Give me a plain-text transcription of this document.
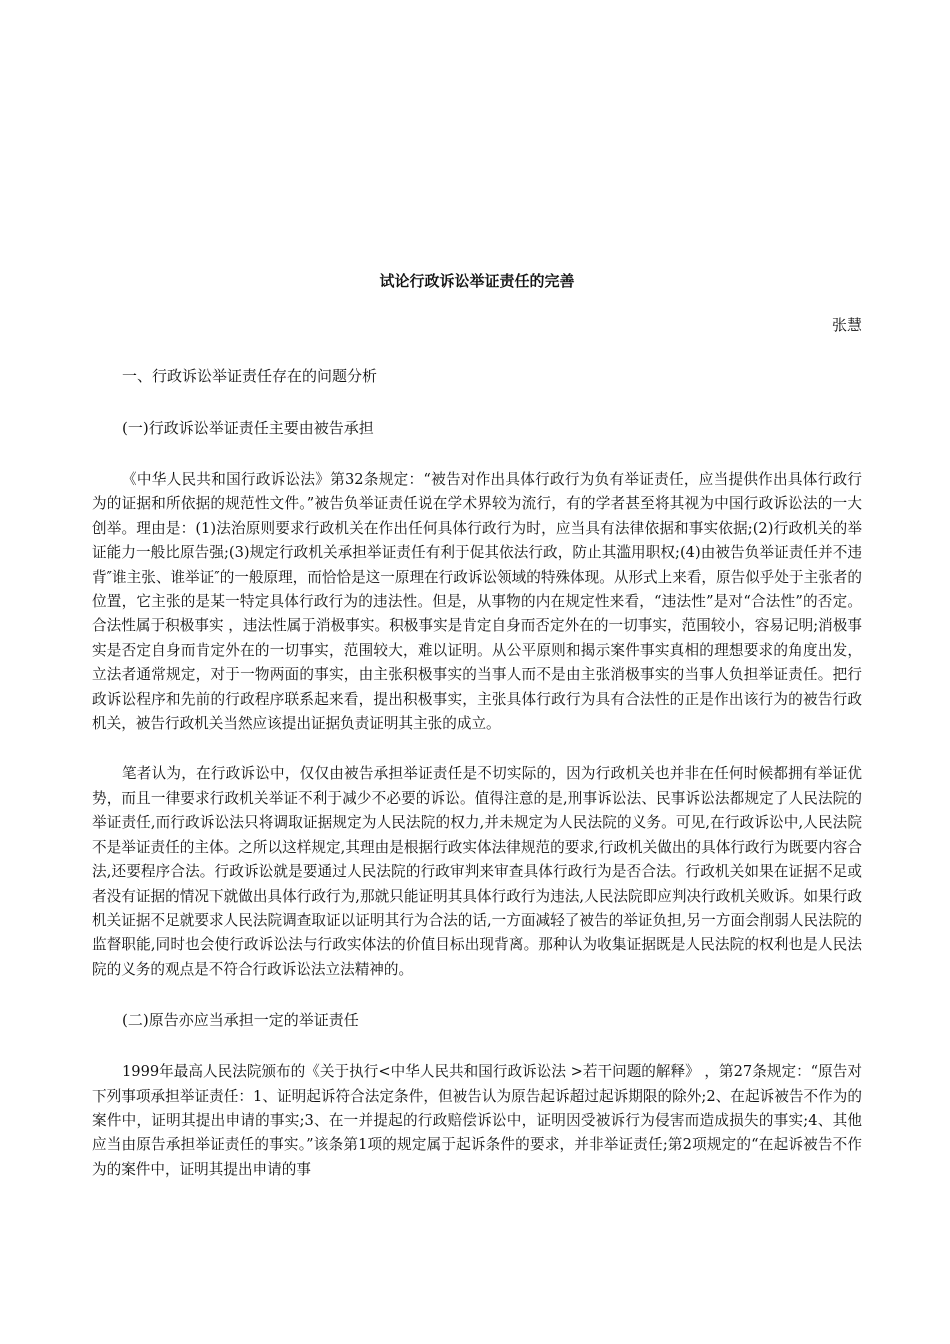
试论行政诉讼举证责任的完善

张慧

一、行政诉讼举证责任存在的问题分析

(一)行政诉讼举证责任主要由被告承担

《中华人民共和国行政诉讼法》第32条规定：“被告对作出具体行政行为负有举证责任，应当提供作出具体行政行为的证据和所依据的规范性文件。”被告负举证责任说在学术界较为流行，有的学者甚至将其视为中国行政诉讼法的一大创举。理由是：(1)法治原则要求行政机关在作出任何具体行政行为时，应当具有法律依据和事实依据;(2)行政机关的举证能力一般比原告强;(3)规定行政机关承担举证责任有利于促其依法行政，防止其滥用职权;(4)由被告负举证责任并不违背″谁主张、谁举证″的一般原理，而恰恰是这一原理在行政诉讼领域的特殊体现。从形式上来看，原告似乎处于主张者的位置，它主张的是某一特定具体行政行为的违法性。但是，从事物的内在规定性来看，“违法性”是对“合法性”的否定。合法性属于积极事实 ，违法性属于消极事实。积极事实是肯定自身而否定外在的一切事实，范围较小，容易记明;消极事实是否定自身而肯定外在的一切事实，范围较大，难以证明。从公平原则和揭示案件事实真相的理想要求的角度出发，立法者通常规定，对于一物两面的事实，由主张积极事实的当事人而不是由主张消极事实的当事人负担举证责任。把行政诉讼程序和先前的行政程序联系起来看，提出积极事实，主张具体行政行为具有合法性的正是作出该行为的被告行政机关，被告行政机关当然应该提出证据负责证明其主张的成立。

笔者认为，在行政诉讼中，仅仅由被告承担举证责任是不切实际的，因为行政机关也并非在任何时候都拥有举证优势，而且一律要求行政机关举证不利于减少不必要的诉讼。值得注意的是,刑事诉讼法、民事诉讼法都规定了人民法院的举证责任,而行政诉讼法只将调取证据规定为人民法院的权力,并未规定为人民法院的义务。可见,在行政诉讼中,人民法院不是举证责任的主体。之所以这样规定,其理由是根据行政实体法律规范的要求,行政机关做出的具体行政行为既要内容合法,还要程序合法。行政诉讼就是要通过人民法院的行政审判来审查具体行政行为是否合法。行政机关如果在证据不足或者没有证据的情况下就做出具体行政行为,那就只能证明其具体行政行为违法,人民法院即应判决行政机关败诉。如果行政机关证据不足就要求人民法院调查取证以证明其行为合法的话,一方面减轻了被告的举证负担,另一方面会削弱人民法院的监督职能,同时也会使行政诉讼法与行政实体法的价值目标出现背离。那种认为收集证据既是人民法院的权利也是人民法院的义务的观点是不符合行政诉讼法立法精神的。

(二)原告亦应当承担一定的举证责任

1999年最高人民法院颁布的《关于执行<中华人民共和国行政诉讼法 >若干问题的解释》 ，第27条规定：“原告对下列事项承担举证责任：1、证明起诉符合法定条件，但被告认为原告起诉超过起诉期限的除外;2、在起诉被告不作为的案件中，证明其提出申请的事实;3、在一并提起的行政赔偿诉讼中，证明因受被诉行为侵害而造成损失的事实;4、其他应当由原告承担举证责任的事实。”该条第1项的规定属于起诉条件的要求，并非举证责任;第2项规定的“在起诉被告不作为的案件中，证明其提出申请的事
